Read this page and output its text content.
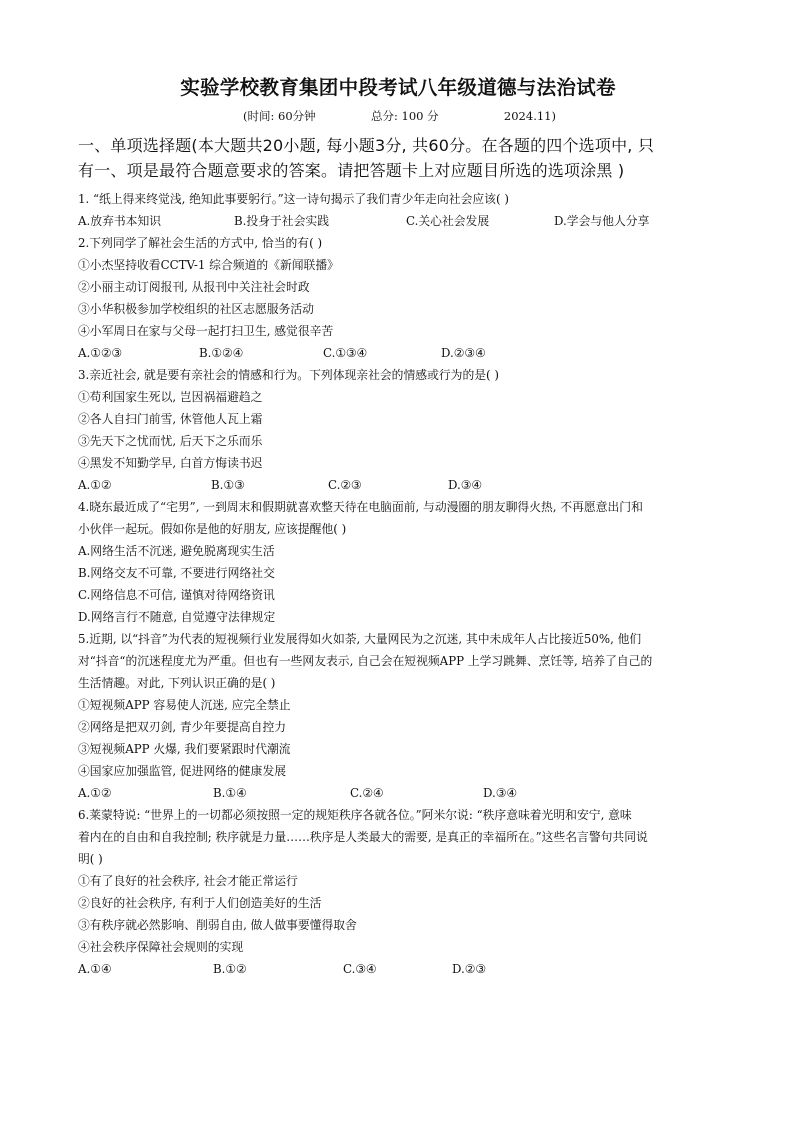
实验学校教育集团中段考试八年级道德与法治试卷
(时间: 60分钟	总分: 100 分	2024.11)
一、单项选择题(本大题共20小题, 每小题3分, 共60分。在各题的四个选项中, 只
有一、项是最符合题意要求的答案。请把答题卡上对应题目所选的选项涂黑 )
1. “纸上得来终觉浅, 绝知此事要躬行。”这一诗句揭示了我们青少年走向社会应该( )
A.放弃书本知识	B.投身于社会实践	C.关心社会发展	D.学会与他人分享
2.下列同学了解社会生活的方式中, 恰当的有( )
①小杰坚持收看CCTV-1 综合频道的《新闻联播》
②小丽主动订阅报刊, 从报刊中关注社会时政
③小华积极参加学校组织的社区志愿服务活动
④小军周日在家与父母一起打扫卫生, 感觉很辛苦
A.①②③	B.①②④	C.①③④	D.②③④
3.亲近社会, 就是要有亲社会的情感和行为。下列体现亲社会的情感或行为的是( )
①苟利国家生死以, 岂因祸福避趋之
②各人自扫门前雪, 休管他人瓦上霜
③先天下之忧而忧, 后天下之乐而乐
④黑发不知勤学早, 白首方悔读书迟
A.①②	B.①③	C.②③	D.③④
4.晓东最近成了“宅男”, 一到周末和假期就喜欢整天待在电脑面前, 与动漫圈的朋友聊得火热, 不再愿意出门和
小伙伴一起玩。假如你是他的好朋友, 应该提醒他( )
A.网络生活不沉迷, 避免脱离现实生活
B.网络交友不可靠, 不要进行网络社交
C.网络信息不可信, 谨慎对待网络资讯
D.网络言行不随意, 自觉遵守法律规定
5.近期, 以“抖音”为代表的短视频行业发展得如火如荼, 大量网民为之沉迷, 其中未成年人占比接近50%, 他们
对“抖音“的沉迷程度尤为严重。但也有一些网友表示, 自己会在短视频APP 上学习跳舞、烹饪等, 培养了自己的
生活情趣。对此, 下列认识正确的是( )
①短视频APP 容易使人沉迷, 应完全禁止
②网络是把双刃剑, 青少年要提高自控力
③短视频APP 火爆, 我们要紧跟时代潮流
④国家应加强监管, 促进网络的健康发展
A.①②	B.①④	C.②④	D.③④
6.莱蒙特说: “世界上的一切都必须按照一定的规矩秩序各就各位。”阿米尔说: “秩序意味着光明和安宁, 意味
着内在的自由和自我控制; 秩序就是力量……秩序是人类最大的需要, 是真正的幸福所在。”这些名言警句共同说
明( )
①有了良好的社会秩序, 社会才能正常运行
②良好的社会秩序, 有利于人们创造美好的生活
③有秩序就必然影响、削弱自由, 做人做事要懂得取舍
④社会秩序保障社会规则的实现
A.①④	B.①②	C.③④	D.②③
